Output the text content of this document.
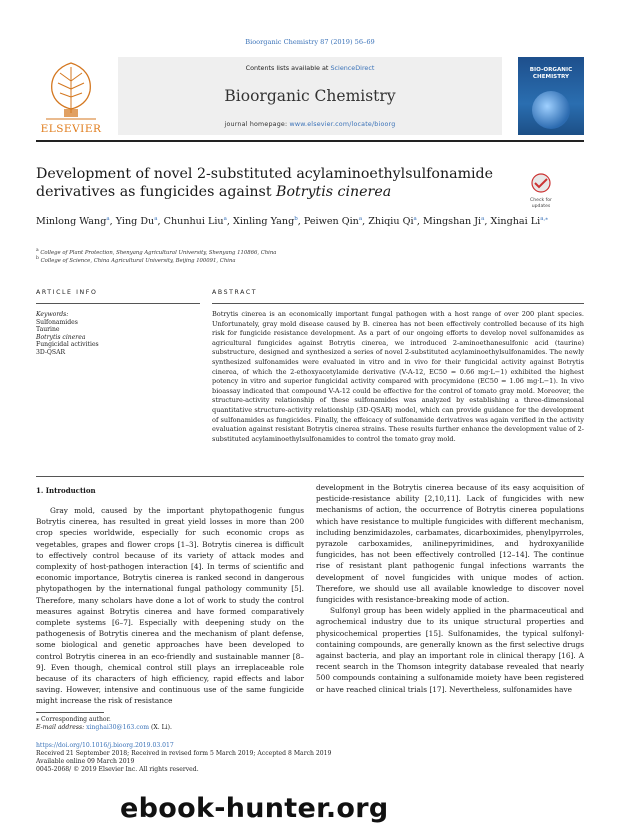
Bioorganic Chemistry 87 (2019) 56–69
ELSEVIER
Contents lists available at ScienceDirect
Bioorganic Chemistry
journal homepage: www.elsevier.com/locate/bioorg
BIO-ORGANIC CHEMISTRY
Development of novel 2-substituted acylaminoethylsulfonamide derivatives as fungicides against Botrytis cinerea
Check for
updates
Minlong Wang$^a$, Ying Du$^a$, Chunhui Liu$^a$, Xinling Yang$^b$, Peiwen Qin$^a$, Zhiqiu Qi$^a$, Mingshan Ji$^a$, Xinghai $Li^{a,⁎}$
$^a$ College of Plant Protection, Shenyang Agricultural University, Shenyang 110866, China
$^b$ College of Science, China Agricultural University, Beijing 100091, China
ARTICLE INFO	ABSTRACT
Keywords:
Sulfonamides
Taurine
Botrytis cinerea
Fungicidal activities
3D-QSAR
Botrytis cinerea is an economically important fungal pathogen with a host range of over 200 plant species. Unfortunately, gray mold disease caused by B. cinerea has not been effectively controlled because of its high risk for fungicide resistance development. As a part of our ongoing efforts to develop novel sulfonamides as agricultural fungicides against Botrytis cinerea, we introduced 2-aminoethanesulfonic acid (taurine) substructure, designed and synthesized a series of novel 2-substituted acylaminoethylsulfonamides. The newly synthesized sulfonamides were evaluated in vitro and in vivo for their fungicidal activity against Botrytis cinerea, of which the 2-ethoxyacetylamide derivative (V-A-12, EC50 = 0.66 mg·L−1) exhibited the highest potency in vitro and superior fungicidal activity compared with procymidone (EC50 = 1.06 mg·L−1). In vivo bioassay indicated that compound V-A-12 could be effective for the control of tomato gray mold. Moreover, the structure-activity relationship of these sulfonamides was analyzed by establishing a three-dimensional quantitative structure-activity relationship (3D-QSAR) model, which can provide guidance for the development of sulfonamides as fungicides. Finally, the effeicacy of sulfonamide derivatives was again verified in the activity evaluation against resistant Botrytis cinerea strains. These results further enhance the development value of 2-substituted acylaminoethylsulfonamides to control the tomato gray mold.
1. Introduction

Gray mold, caused by the important phytopathogenic fungus Botrytis cinerea, has resulted in great yield losses in more than 200 crop species worldwide, especially for such economic crops as vegetables, grapes and flower crops [1–3]. Botrytis cinerea is difficult to effectively control because of its variety of attack modes and complexity of host-pathogen interaction [4]. In terms of scientific and economic importance, Botrytis cinerea is ranked second in dangerous phytopathogen by the international fungal pathology community [5]. Therefore, many scholars have done a lot of work to study the control measures against Botrytis cinerea and have formed comparatively complete systems [6–7]. Especially with deepening study on the pathogenesis of Botrytis cinerea and the mechanism of plant defense, some biological and genetic approaches have been developed to control Botrytis cinerea in an eco-friendly and sustainable manner [8–9]. Even though, chemical control still plays an irreplaceable role because of its characters of high efficiency, rapid effects and labor saving. However, intensive and continuous use of the same fungicide might increase the risk of resistance

development in the Botrytis cinerea because of its easy acquisition of pesticide-resistance ability [2,10,11]. Lack of fungicides with new mechanisms of action, the occurrence of Botrytis cinerea populations which have resistance to multiple fungicides with different mechanism, including benzimidazoles, carbamates, dicarboximides, phenylpyrroles, pyrazole carboxamides, anilinepyrimidines, and hydroxyanilide fungicides, has not been effectively controlled [12–14]. The continue rise of resistant plant pathogenic fungal infections warrants the development of novel fungicides with unique modes of action. Therefore, we should use all available knowledge to discover novel fungicides with resistance-breaking mode of action.

Sulfonyl group has been widely applied in the pharmaceutical and agrochemical industry due to its unique structural properties and physicochemical properties [15]. Sulfonamides, the typical sulfonyl-containing compounds, are generally known as the first selective drugs against bacteria, and play an important role in clinical therapy [16]. A recent search in the Thomson integrity database revealed that nearly 500 compounds containing a sulfonamide moiety have been registered or have reached clinical trials [17]. Nevertheless, sulfonamides have

⁎ Corresponding author.
E-mail address: xinghai30@163.com (X. Li).
https://doi.org/10.1016/j.bioorg.2019.03.017
Received 21 September 2018; Received in revised form 5 March 2019; Accepted 8 March 2019
Available online 09 March 2019
0045-2068/ © 2019 Elsevier Inc. All rights reserved.
ebook-hunter.org
